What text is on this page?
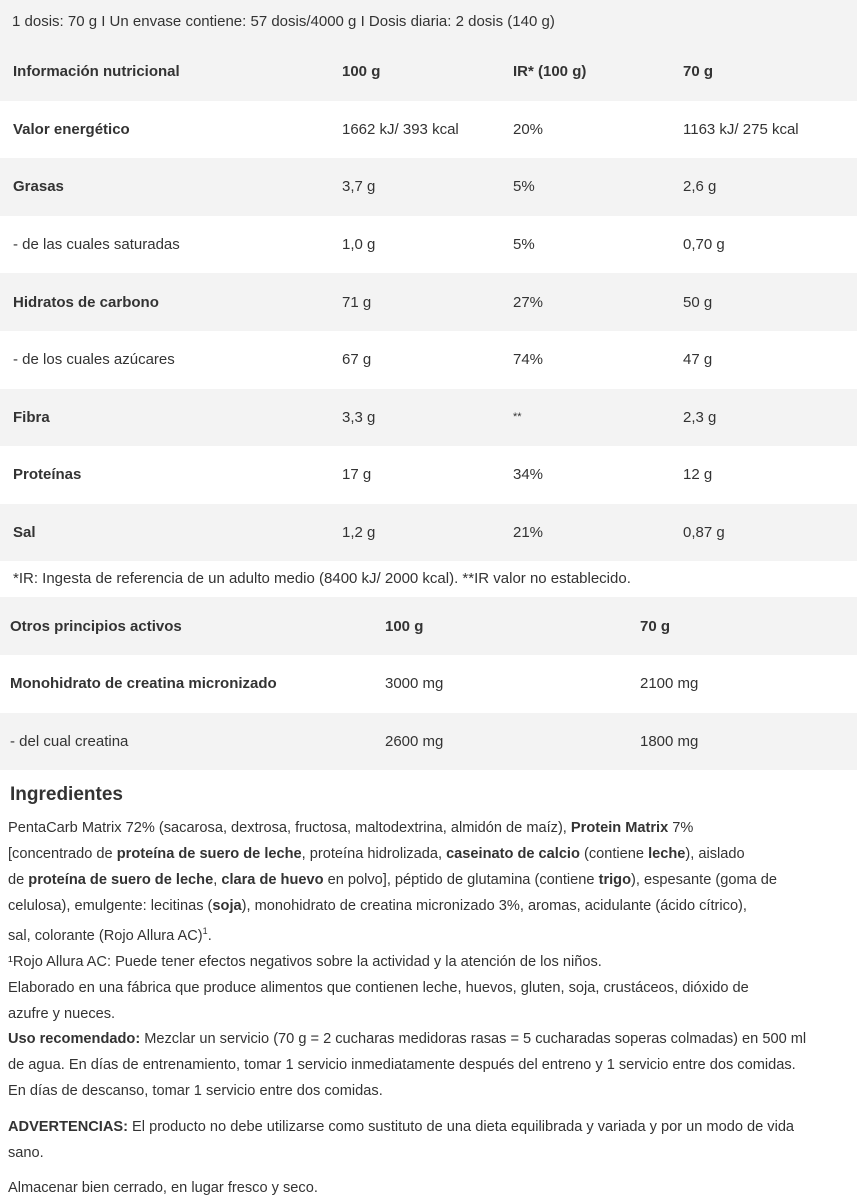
1 dosis: 70 g I Un envase contiene: 57 dosis/4000 g I Dosis diaria: 2 dosis (140 g)
Información nutricional	100 g	IR* (100 g)	70 g
Valor energético	1662 kJ/ 393 kcal	20%	1163 kJ/ 275 kcal
Grasas	3,7 g	5%	2,6 g
- de las cuales saturadas	1,0 g	5%	0,70 g
Hidratos de carbono	71 g	27%	50 g
- de los cuales azúcares	67 g	74%	47 g
Fibra	3,3 g	**	2,3 g
Proteínas	17 g	34%	12 g
Sal	1,2 g	21%	0,87 g
*IR: Ingesta de referencia de un adulto medio (8400 kJ/ 2000 kcal). **IR valor no establecido.
Otros principios activos	100 g	70 g
Monohidrato de creatina micronizado	3000 mg	2100 mg
- del cual creatina	2600 mg	1800 mg
Ingredientes

PentaCarb Matrix 72% (sacarosa, dextrosa, fructosa, maltodextrina, almidón de maíz), Protein Matrix 7%
[concentrado de proteína de suero de leche, proteína hidrolizada, caseinato de calcio (contiene leche), aislado
de proteína de suero de leche, clara de huevo en polvo], péptido de glutamina (contiene trigo), espesante (goma de
celulosa), emulgente: lecitinas (soja), monohidrato de creatina micronizado 3%, aromas, acidulante (ácido cítrico),
sal, colorante (Rojo Allura AC)$^1$.

¹Rojo Allura AC: Puede tener efectos negativos sobre la actividad y la atención de los niños.

Elaborado en una fábrica que produce alimentos que contienen leche, huevos, gluten, soja, crustáceos, dióxido de
azufre y nueces.

Uso recomendado: Mezclar un servicio (70 g = 2 cucharas medidoras rasas = 5 cucharadas soperas colmadas) en 500 ml
de agua. En días de entrenamiento, tomar 1 servicio inmediatamente después del entreno y 1 servicio entre dos comidas.
En días de descanso, tomar 1 servicio entre dos comidas.

ADVERTENCIAS: El producto no debe utilizarse como sustituto de una dieta equilibrada y variada y por un modo de vida
sano.

Almacenar bien cerrado, en lugar fresco y seco.
